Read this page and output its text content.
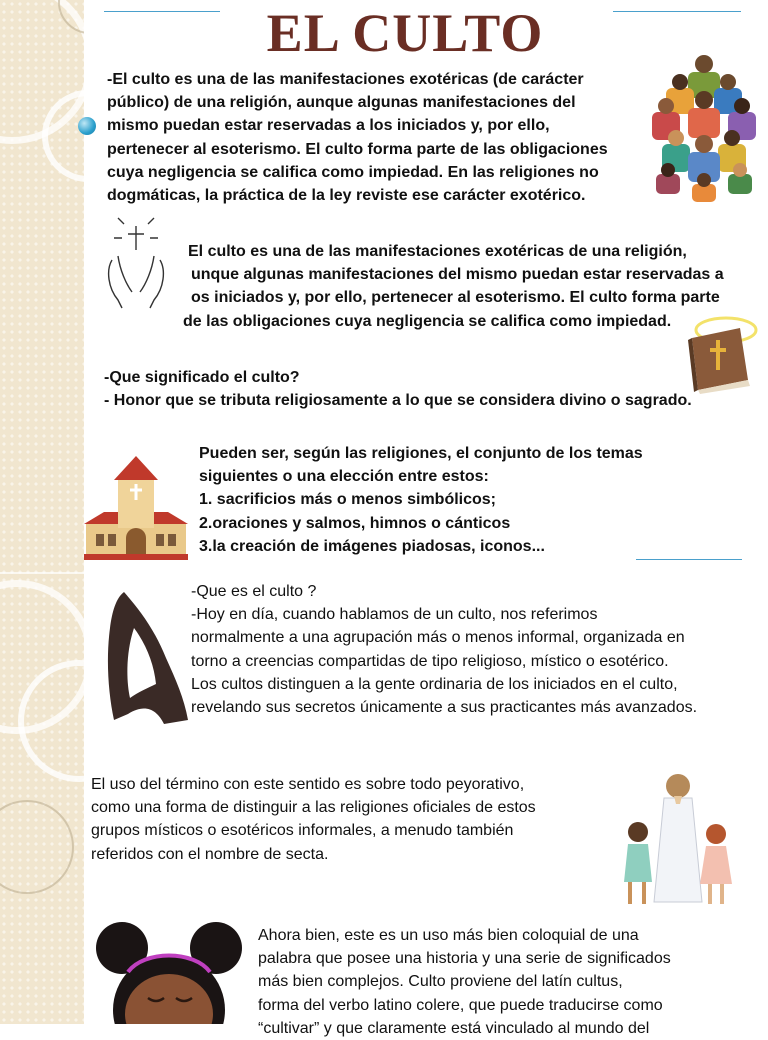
EL CULTO

-El culto es una de las manifestaciones exotéricas (de carácter
público) de una religión, aunque algunas manifestaciones del
mismo puedan estar reservadas a los iniciados y, por ello,
pertenecer al esoterismo. El culto forma parte de las obligaciones
cuya negligencia se califica como impiedad. En las religiones no
dogmáticas, la práctica de la ley reviste ese carácter exotérico.

El culto es una de las manifestaciones exotéricas de una religión,
unque algunas manifestaciones del mismo puedan estar reservadas a
os iniciados y, por ello, pertenecer al esoterismo. El culto forma parte
de las obligaciones cuya negligencia se califica como impiedad.

-Que significado el culto?
- Honor que se tributa religiosamente a lo que se considera divino o sagrado.

Pueden ser, según las religiones, el conjunto de los temas
siguientes o una elección entre estos:
1. sacrificios más o menos simbólicos;
2.oraciones y salmos, himnos o cánticos
3.la creación de imágenes piadosas, iconos...

-Que es el culto ?
-Hoy en día, cuando hablamos de un culto, nos referimos
normalmente a una agrupación más o menos informal, organizada en
torno a creencias compartidas de tipo religioso, místico o esotérico.
Los cultos distinguen a la gente ordinaria de los iniciados en el culto,
revelando sus secretos únicamente a sus practicantes más avanzados.

El uso del término con este sentido es sobre todo peyorativo,
como una forma de distinguir a las religiones oficiales de estos
grupos místicos o esotéricos informales, a menudo también
referidos con el nombre de secta.

Ahora bien, este es un uso más bien coloquial de una
palabra que posee una historia y una serie de significados
más bien complejos. Culto proviene del latín cultus,
forma del verbo latino colere, que puede traducirse como
“cultivar” y que claramente está vinculado al mundo del
